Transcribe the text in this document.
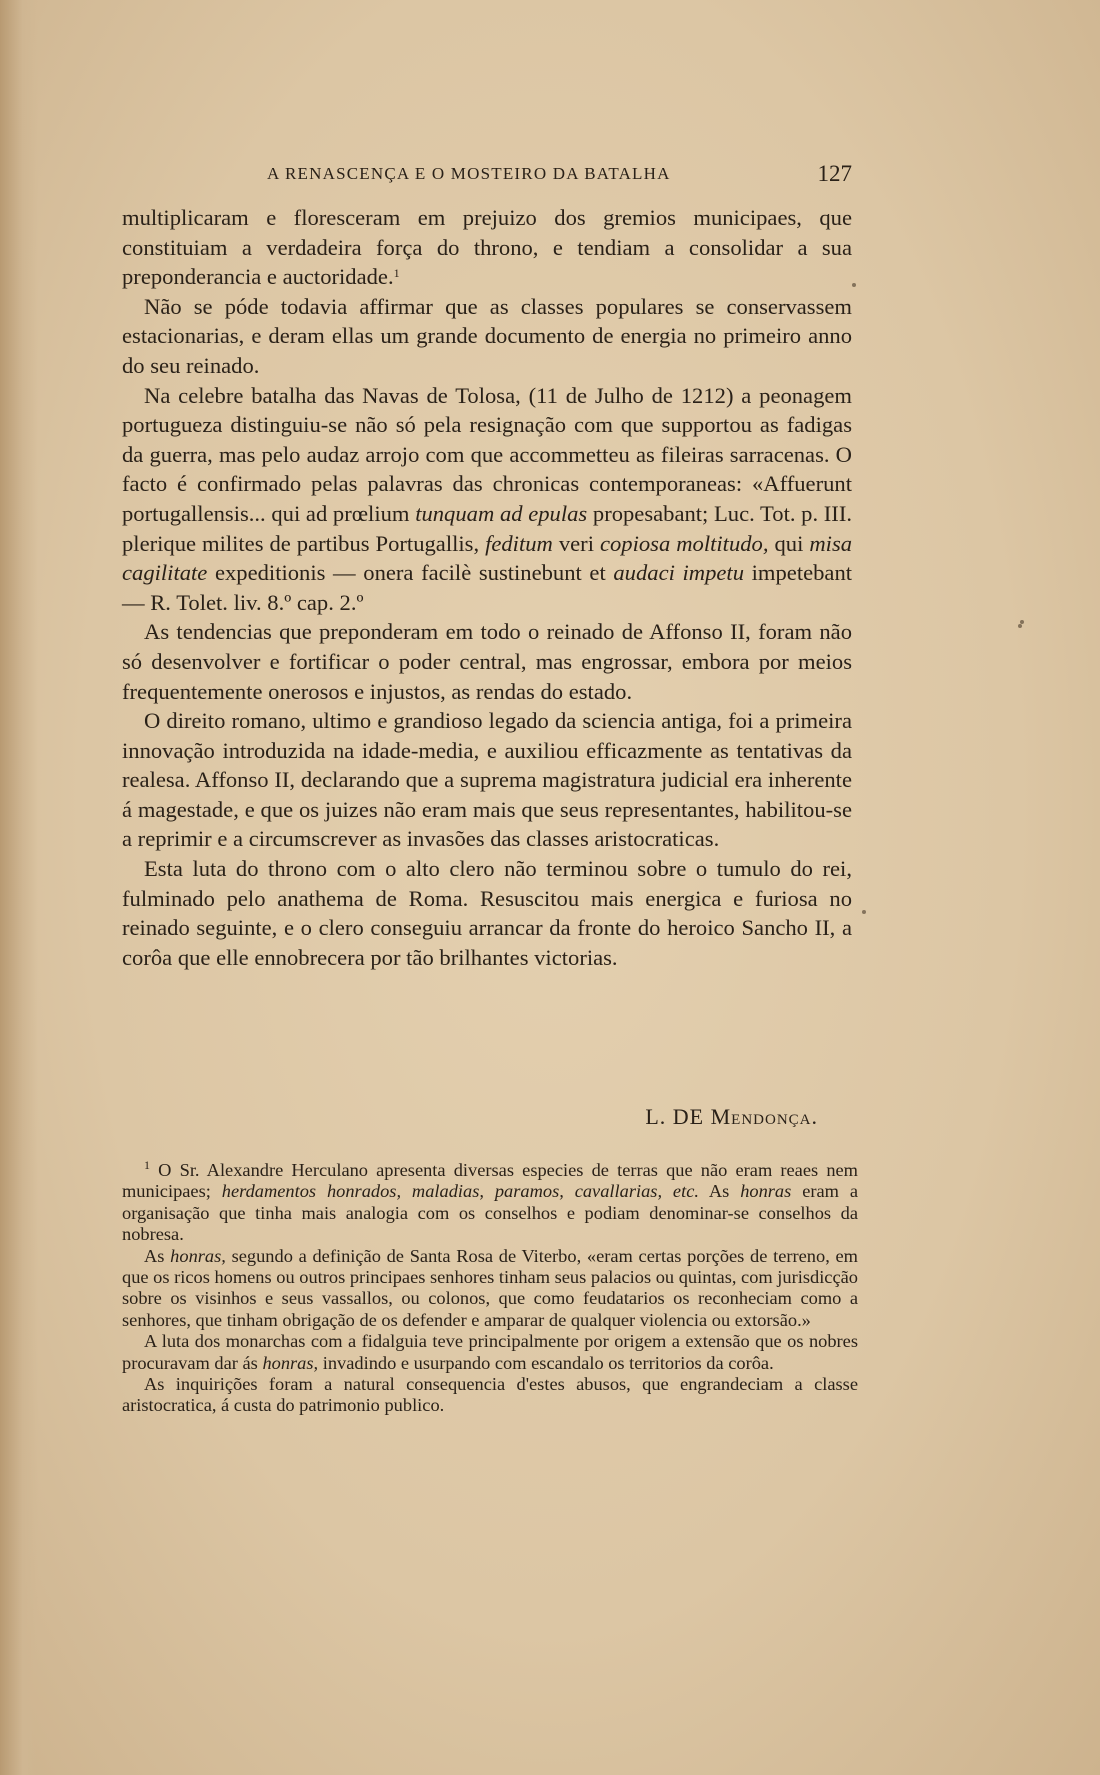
A RENASCENÇA E O MOSTEIRO DA BATALHA	127

multiplicaram e floresceram em prejuizo dos gremios municipaes, que constituiam a verdadeira força do throno, e tendiam a consolidar a sua preponderancia e auctoridade.$^1$

Não se póde todavia affirmar que as classes populares se conservassem estacionarias, e deram ellas um grande documento de energia no primeiro anno do seu reinado.

Na celebre batalha das Navas de Tolosa, (11 de Julho de 1212) a peonagem portugueza distinguiu-se não só pela resignação com que supportou as fadigas da guerra, mas pelo audaz arrojo com que accommetteu as fileiras sarracenas. O facto é confirmado pelas palavras das chronicas contemporaneas: «Affuerunt portugallensis... qui ad prœlium tunquam ad epulas propesabant; Luc. Tot. p. III. plerique milites de partibus Portugallis, feditum veri copiosa moltitudo, qui misa cagilitate expeditionis — onera facilè sustinebunt et audaci impetu impetebant — R. Tolet. liv. 8.º cap. 2.º

As tendencias que preponderam em todo o reinado de Affonso II, foram não só desenvolver e fortificar o poder central, mas engrossar, embora por meios frequentemente onerosos e injustos, as rendas do estado.

O direito romano, ultimo e grandioso legado da sciencia antiga, foi a primeira innovação introduzida na idade-media, e auxiliou efficazmente as tentativas da realesa. Affonso II, declarando que a suprema magistratura judicial era inherente á magestade, e que os juizes não eram mais que seus representantes, habilitou-se a reprimir e a circumscrever as invasões das classes aristocraticas.

Esta luta do throno com o alto clero não terminou sobre o tumulo do rei, fulminado pelo anathema de Roma. Resuscitou mais energica e furiosa no reinado seguinte, e o clero conseguiu arrancar da fronte do heroico Sancho II, a corôa que elle ennobrecera por tão brilhantes victorias.

L. DE Mendonça.

$^1$ O Sr. Alexandre Herculano apresenta diversas especies de terras que não eram reaes nem municipaes; herdamentos honrados, maladias, paramos, cavallarias, etc. As honras eram a organisação que tinha mais analogia com os conselhos e podiam denominar-se conselhos da nobresa.

As honras, segundo a definição de Santa Rosa de Viterbo, «eram certas porções de terreno, em que os ricos homens ou outros principaes senhores tinham seus palacios ou quintas, com jurisdicção sobre os visinhos e seus vassallos, ou colonos, que como feudatarios os reconheciam como a senhores, que tinham obrigação de os defender e amparar de qualquer violencia ou extorsão.»

A luta dos monarchas com a fidalguia teve principalmente por origem a extensão que os nobres procuravam dar ás honras, invadindo e usurpando com escandalo os territorios da corôa.

As inquirições foram a natural consequencia d'estes abusos, que engrandeciam a classe aristocratica, á custa do patrimonio publico.
